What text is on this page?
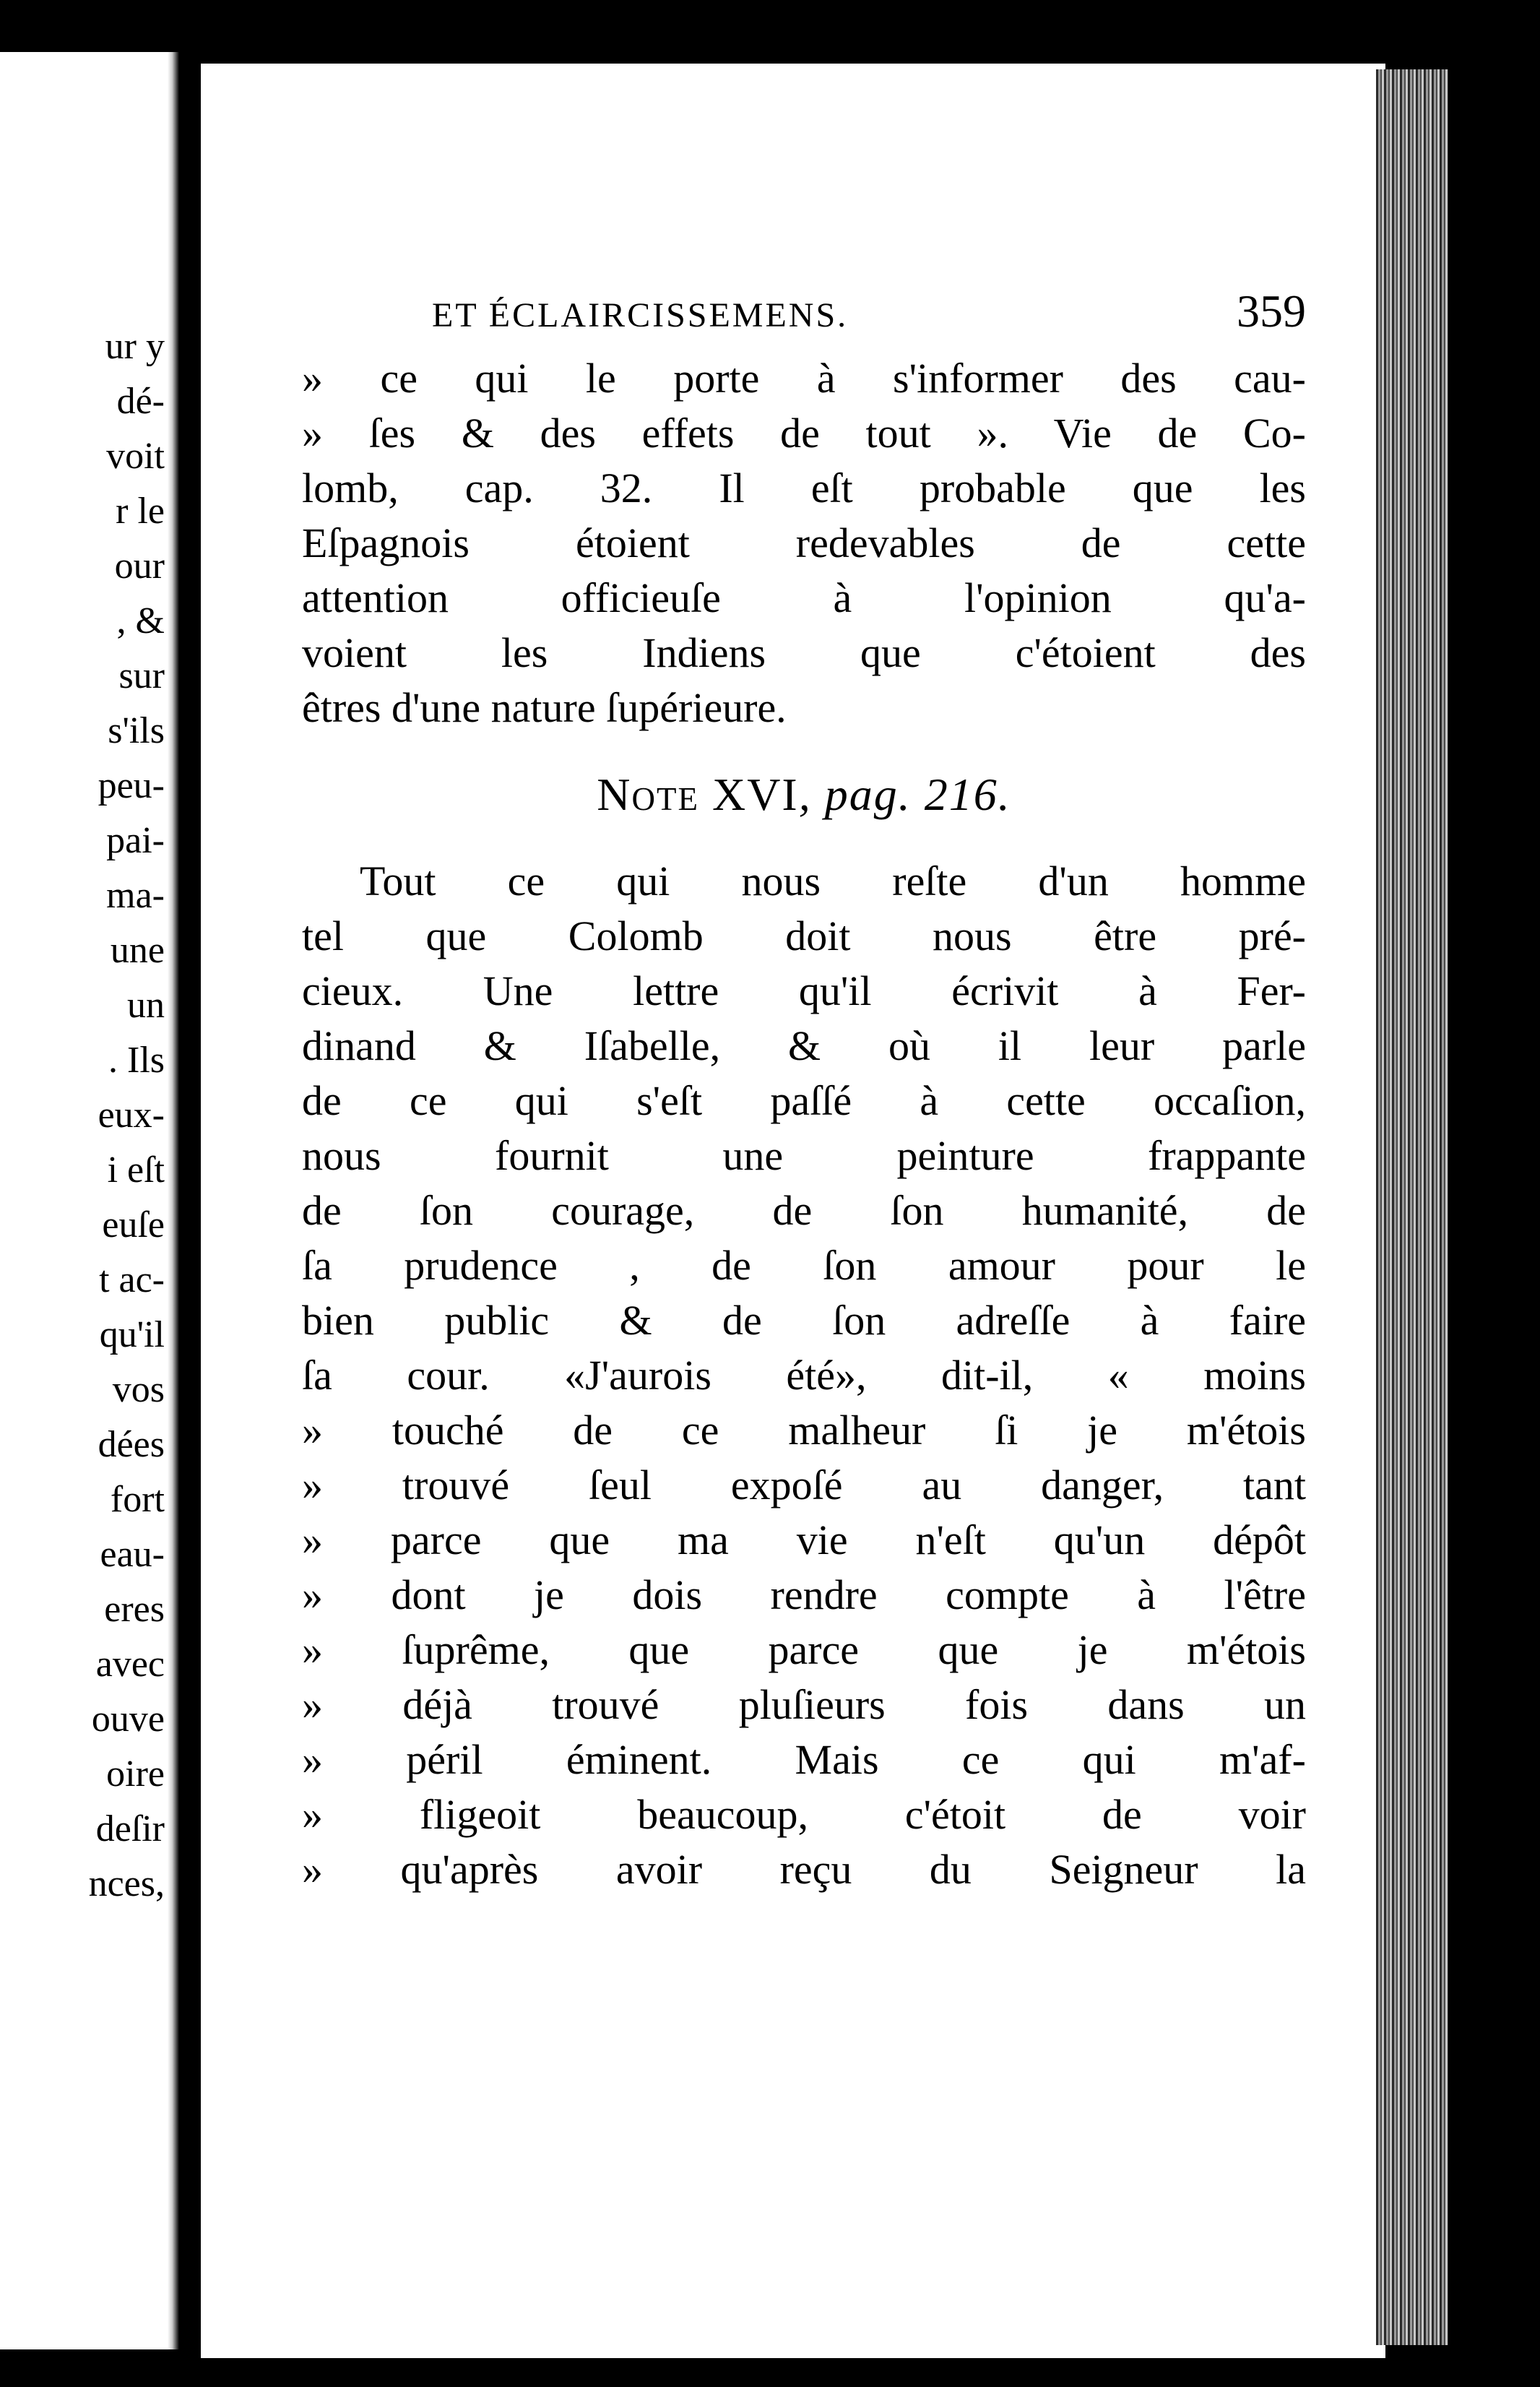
ur y
dé-
voit
r le
our
, &
sur
s'ils
peu-
pai-
ma-
une
un
. Ils
eux-
i eſt
euſe
t ac-
qu'il
vos
dées
fort
eau-
eres
avec
ouve
oire
deſir
nces,
ET ÉCLAIRCISSEMENS.	359
» ce qui le porte à s'informer des cau-
» ſes & des effets de tout ». Vie de Co-
lomb, cap. 32. Il eſt probable que les
Eſpagnois étoient redevables de cette
attention officieuſe à l'opinion qu'a-
voient les Indiens que c'étoient des
êtres d'une nature ſupérieure.
Note XVI, pag. 216.
Tout ce qui nous reſte d'un homme
tel que Colomb doit nous être pré-
cieux. Une lettre qu'il écrivit à Fer-
dinand & Iſabelle, & où il leur parle
de ce qui s'eſt paſſé à cette occaſion,
nous fournit une peinture frappante
de ſon courage, de ſon humanité, de
ſa prudence , de ſon amour pour le
bien public & de ſon adreſſe à faire
ſa cour. «J'aurois été», dit-il, « moins
» touché de ce malheur ſi je m'étois
» trouvé ſeul expoſé au danger, tant
» parce que ma vie n'eſt qu'un dépôt
» dont je dois rendre compte à l'être
» ſuprême, que parce que je m'étois
» déjà trouvé pluſieurs fois dans un
» péril éminent. Mais ce qui m'af-
» fligeoit beaucoup, c'étoit de voir
» qu'après avoir reçu du Seigneur la
